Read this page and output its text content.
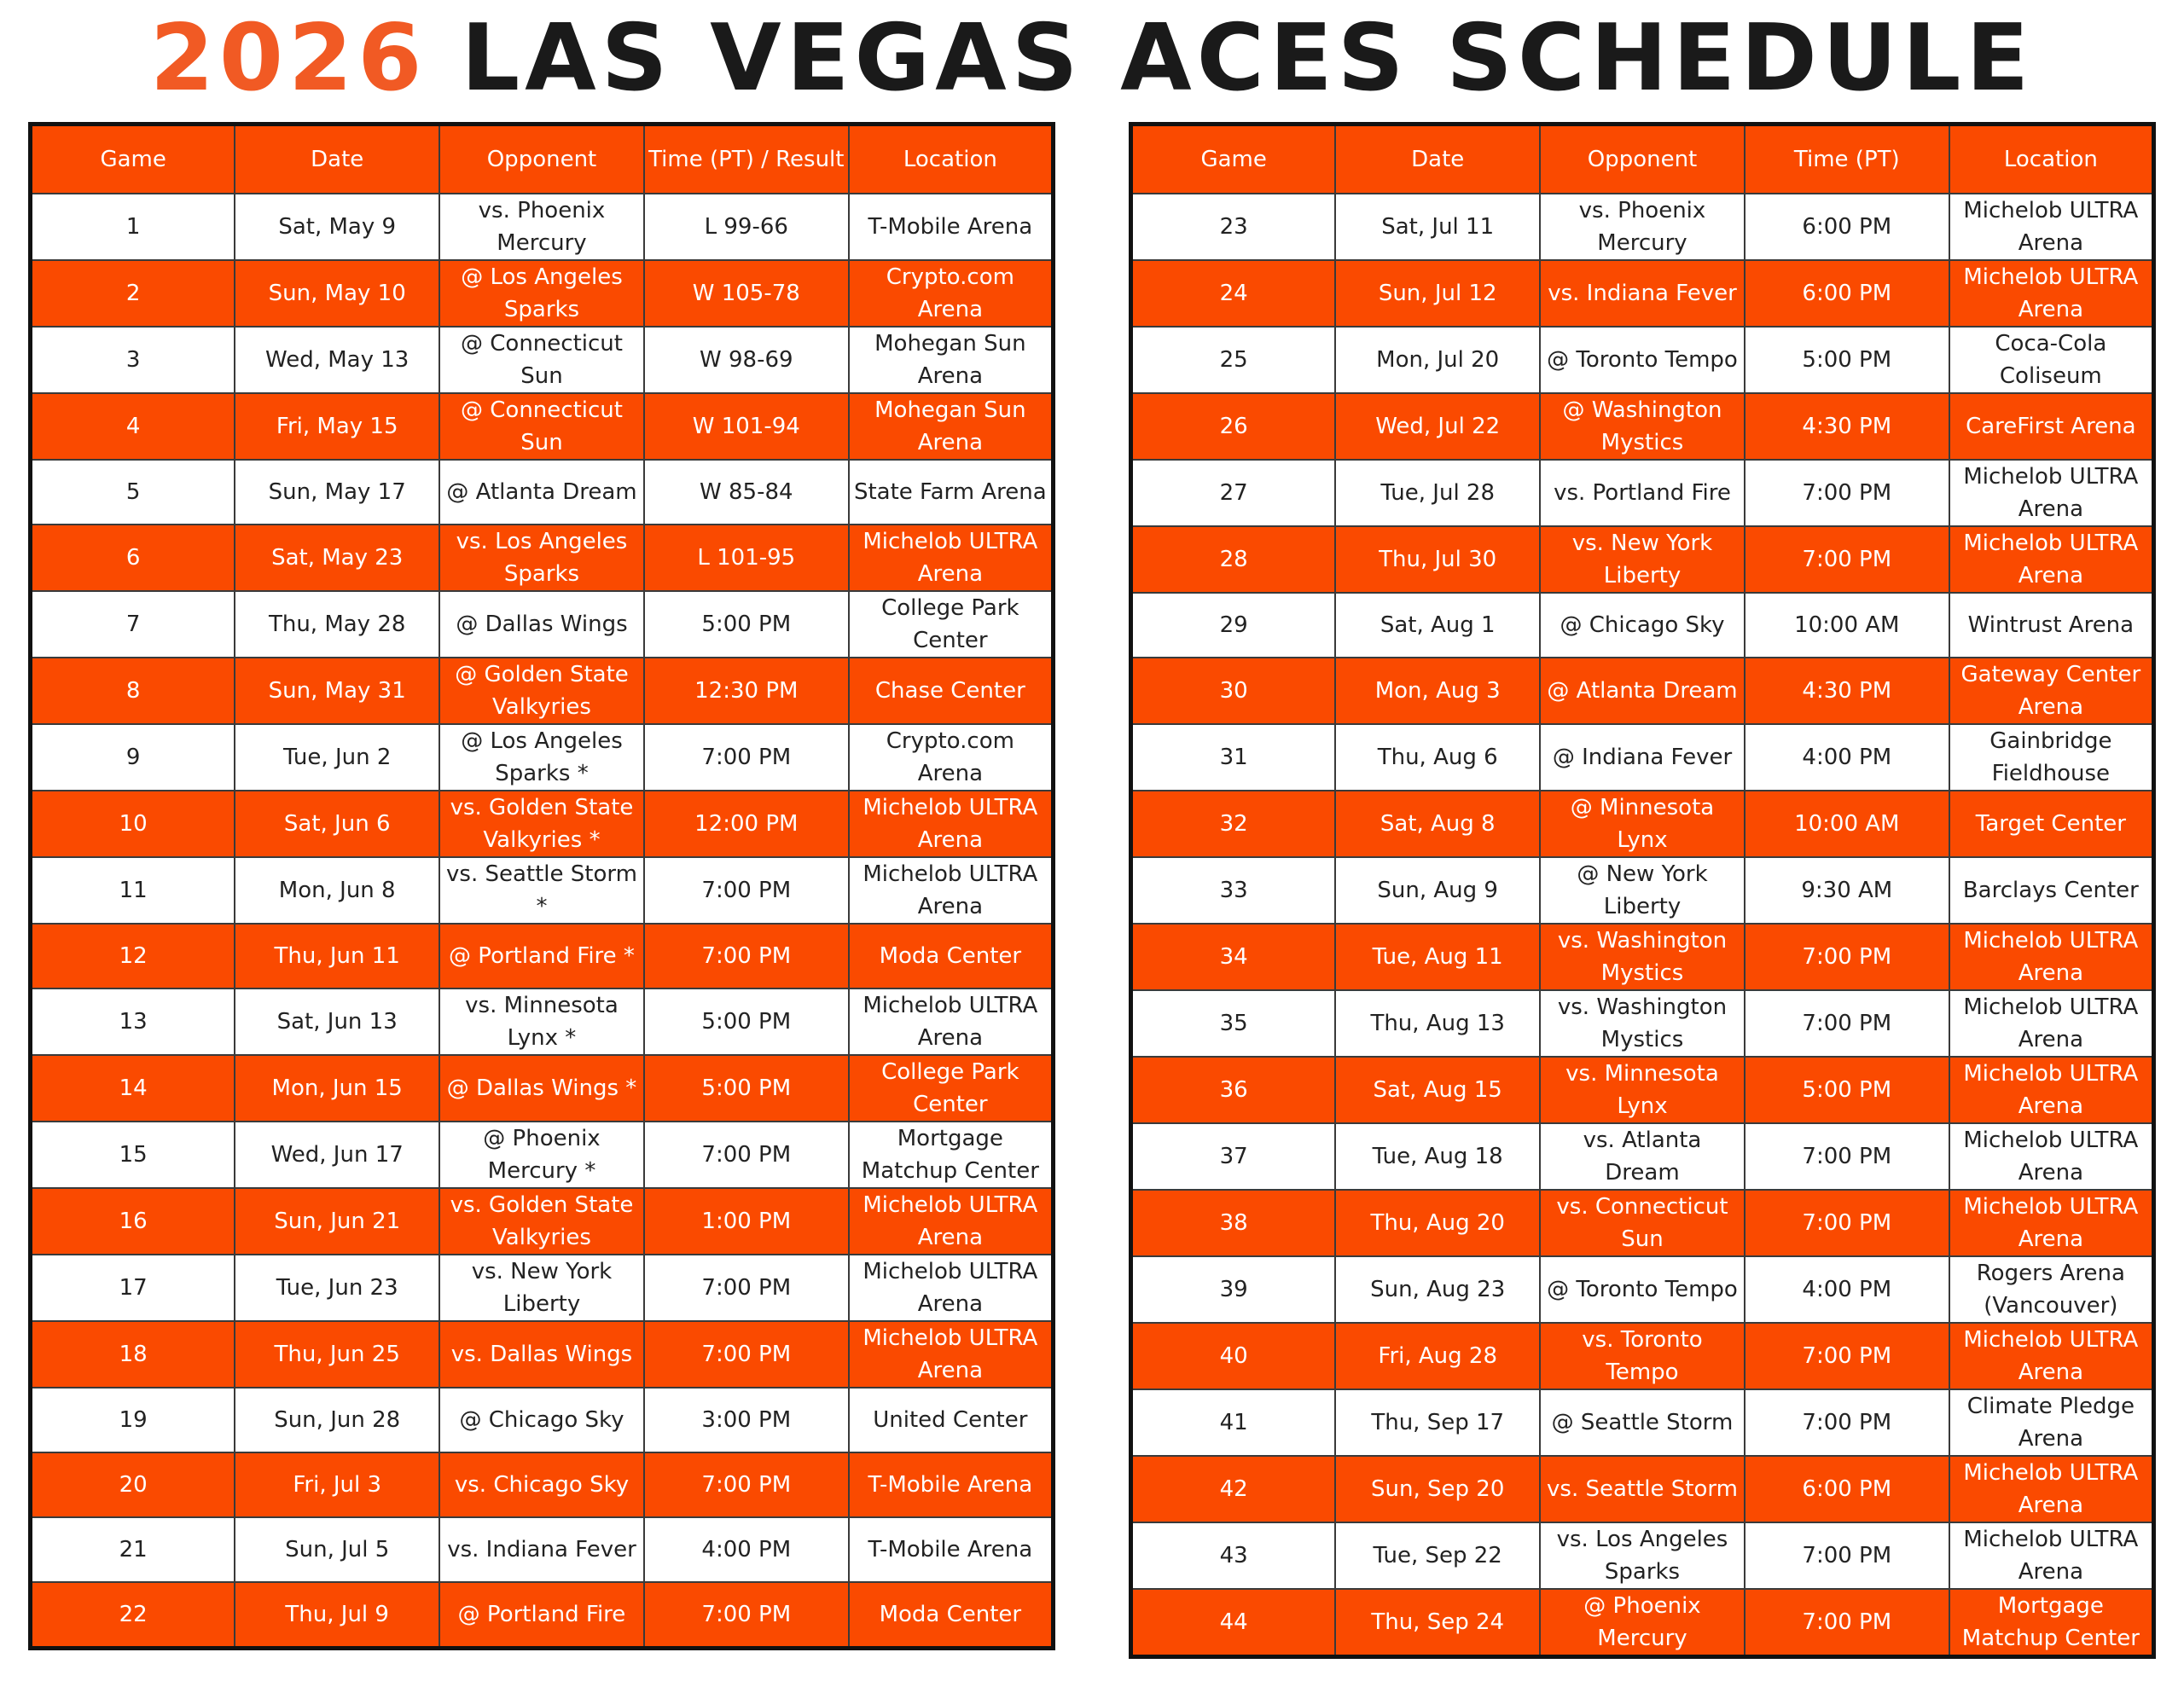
2026 LAS VEGAS ACES SCHEDULE
Game	Date	Opponent	Time (PT) / Result	Location
1	Sat, May 9	vs. Phoenix Mercury	L 99-66	T-Mobile Arena
2	Sun, May 10	@ Los Angeles Sparks	W 105-78	Crypto.com Arena
3	Wed, May 13	@ Connecticut Sun	W 98-69	Mohegan Sun Arena
4	Fri, May 15	@ Connecticut Sun	W 101-94	Mohegan Sun Arena
5	Sun, May 17	@ Atlanta Dream	W 85-84	State Farm Arena
6	Sat, May 23	vs. Los Angeles Sparks	L 101-95	Michelob ULTRA Arena
7	Thu, May 28	@ Dallas Wings	5:00 PM	College Park Center
8	Sun, May 31	@ Golden State Valkyries	12:30 PM	Chase Center
9	Tue, Jun 2	@ Los Angeles Sparks *	7:00 PM	Crypto.com Arena
10	Sat, Jun 6	vs. Golden State Valkyries *	12:00 PM	Michelob ULTRA Arena
11	Mon, Jun 8	vs. Seattle Storm *	7:00 PM	Michelob ULTRA Arena
12	Thu, Jun 11	@ Portland Fire *	7:00 PM	Moda Center
13	Sat, Jun 13	vs. Minnesota Lynx *	5:00 PM	Michelob ULTRA Arena
14	Mon, Jun 15	@ Dallas Wings *	5:00 PM	College Park Center
15	Wed, Jun 17	@ Phoenix Mercury *	7:00 PM	Mortgage Matchup Center
16	Sun, Jun 21	vs. Golden State Valkyries	1:00 PM	Michelob ULTRA Arena
17	Tue, Jun 23	vs. New York Liberty	7:00 PM	Michelob ULTRA Arena
18	Thu, Jun 25	vs. Dallas Wings	7:00 PM	Michelob ULTRA Arena
19	Sun, Jun 28	@ Chicago Sky	3:00 PM	United Center
20	Fri, Jul 3	vs. Chicago Sky	7:00 PM	T-Mobile Arena
21	Sun, Jul 5	vs. Indiana Fever	4:00 PM	T-Mobile Arena
22	Thu, Jul 9	@ Portland Fire	7:00 PM	Moda Center
Game	Date	Opponent	Time (PT)	Location
23	Sat, Jul 11	vs. Phoenix Mercury	6:00 PM	Michelob ULTRA Arena
24	Sun, Jul 12	vs. Indiana Fever	6:00 PM	Michelob ULTRA Arena
25	Mon, Jul 20	@ Toronto Tempo	5:00 PM	Coca-Cola Coliseum
26	Wed, Jul 22	@ Washington Mystics	4:30 PM	CareFirst Arena
27	Tue, Jul 28	vs. Portland Fire	7:00 PM	Michelob ULTRA Arena
28	Thu, Jul 30	vs. New York Liberty	7:00 PM	Michelob ULTRA Arena
29	Sat, Aug 1	@ Chicago Sky	10:00 AM	Wintrust Arena
30	Mon, Aug 3	@ Atlanta Dream	4:30 PM	Gateway Center Arena
31	Thu, Aug 6	@ Indiana Fever	4:00 PM	Gainbridge Fieldhouse
32	Sat, Aug 8	@ Minnesota Lynx	10:00 AM	Target Center
33	Sun, Aug 9	@ New York Liberty	9:30 AM	Barclays Center
34	Tue, Aug 11	vs. Washington Mystics	7:00 PM	Michelob ULTRA Arena
35	Thu, Aug 13	vs. Washington Mystics	7:00 PM	Michelob ULTRA Arena
36	Sat, Aug 15	vs. Minnesota Lynx	5:00 PM	Michelob ULTRA Arena
37	Tue, Aug 18	vs. Atlanta Dream	7:00 PM	Michelob ULTRA Arena
38	Thu, Aug 20	vs. Connecticut Sun	7:00 PM	Michelob ULTRA Arena
39	Sun, Aug 23	@ Toronto Tempo	4:00 PM	Rogers Arena (Vancouver)
40	Fri, Aug 28	vs. Toronto Tempo	7:00 PM	Michelob ULTRA Arena
41	Thu, Sep 17	@ Seattle Storm	7:00 PM	Climate Pledge Arena
42	Sun, Sep 20	vs. Seattle Storm	6:00 PM	Michelob ULTRA Arena
43	Tue, Sep 22	vs. Los Angeles Sparks	7:00 PM	Michelob ULTRA Arena
44	Thu, Sep 24	@ Phoenix Mercury	7:00 PM	Mortgage Matchup Center
